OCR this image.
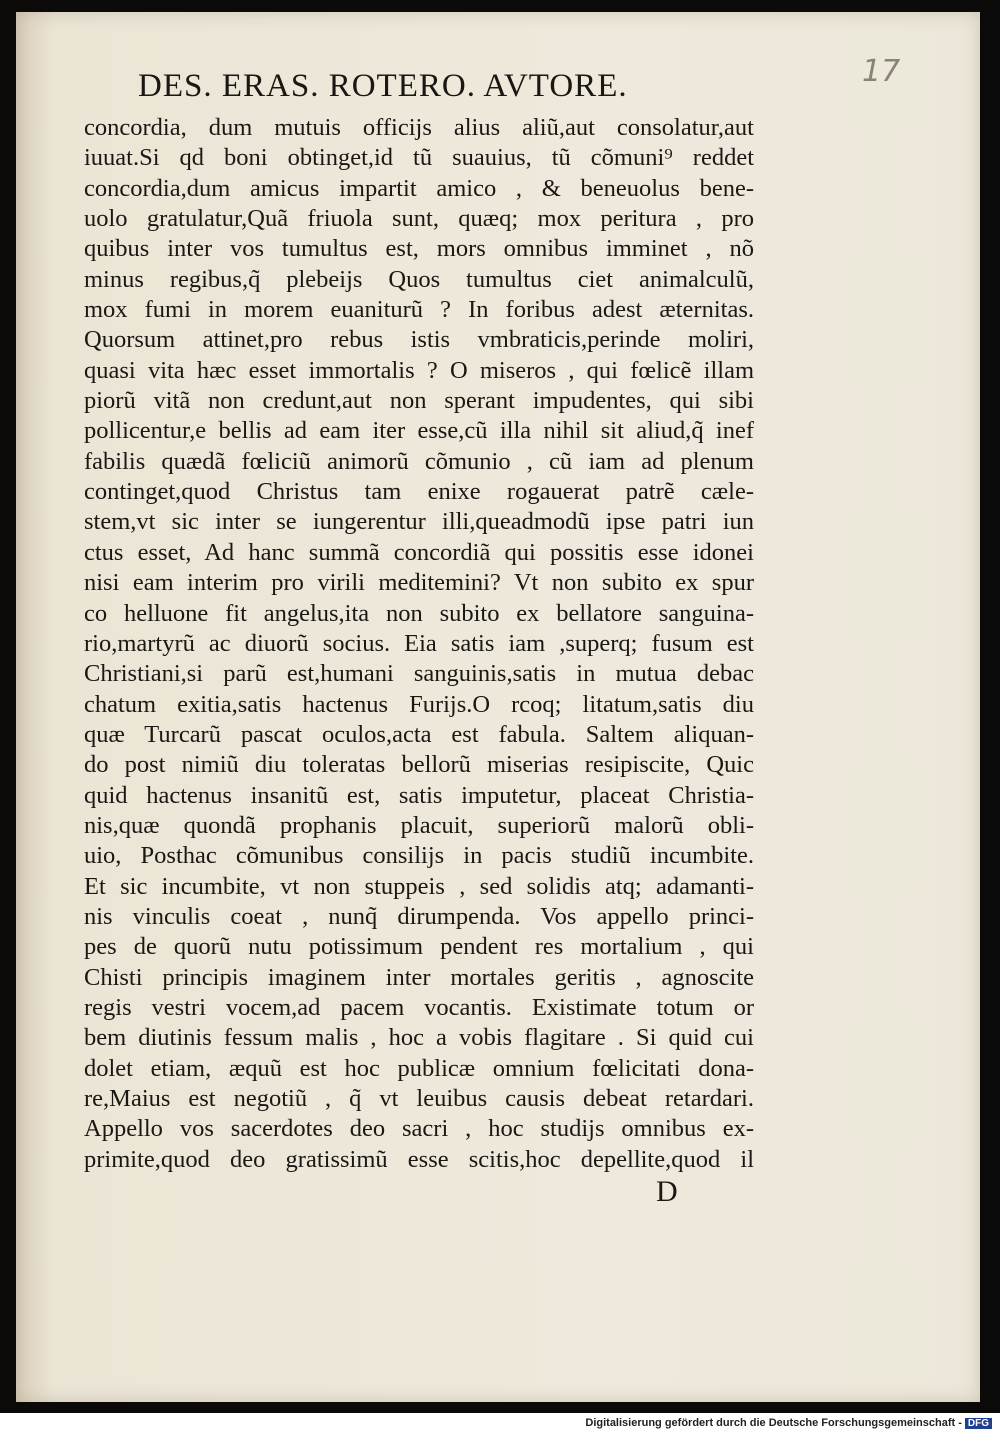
DES. ERAS. ROTERO. AVTORE.	17
concordia, dum mutuis officijs alius aliũ,aut consolatur,aut
iuuat.Si qd boni obtinget,id tũ suauius, tũ cõmuni⁹ reddet
concordia,dum amicus impartit amico , & beneuolus bene-
uolo gratulatur,Quã friuola sunt, quæq; mox peritura , pro
quibus inter vos tumultus est, mors omnibus imminet , nõ
minus regibus,q̃ plebeijs Quos tumultus ciet animalculũ,
mox fumi in morem euaniturũ ? In foribus adest æternitas.
Quorsum attinet,pro rebus istis vmbraticis,perinde moliri,
quasi vita hæc esset immortalis ? O miseros , qui fœlicẽ illam
piorũ vitã non credunt,aut non sperant impudentes, qui sibi
pollicentur,e bellis ad eam iter esse,cũ illa nihil sit aliud,q̃ inef
fabilis quædã fœliciũ animorũ cõmunio , cũ iam ad plenum
continget,quod Christus tam enixe rogauerat patrẽ cæle-
stem,vt sic inter se iungerentur illi,queadmodũ ipse patri iun
ctus esset, Ad hanc summã concordiã qui possitis esse idonei
nisi eam interim pro virili meditemini? Vt non subito ex spur
co helluone fit angelus,ita non subito ex bellatore sanguina-
rio,martyrũ ac diuorũ socius. Eia satis iam ,superq; fusum est
Christiani,si parũ est,humani sanguinis,satis in mutua debac
chatum exitia,satis hactenus Furijs.O rcoq; litatum,satis diu
quæ Turcarũ pascat oculos,acta est fabula. Saltem aliquan-
do post nimiũ diu toleratas bellorũ miserias resipiscite, Quic
quid hactenus insanitũ est, satis imputetur, placeat Christia-
nis,quæ quondã prophanis placuit, superiorũ malorũ obli-
uio, Posthac cõmunibus consilijs in pacis studiũ incumbite.
Et sic incumbite, vt non stuppeis , sed solidis atq; adamanti-
nis vinculis coeat , nunq̃ dirumpenda. Vos appello princi-
pes de quorũ nutu potissimum pendent res mortalium , qui
Chisti principis imaginem inter mortales geritis , agnoscite
regis vestri vocem,ad pacem vocantis. Existimate totum or
bem diutinis fessum malis , hoc a vobis flagitare . Si quid cui
dolet etiam, æquũ est hoc publicæ omnium fœlicitati dona-
re,Maius est negotiũ , q̃ vt leuibus causis debeat retardari.
Appello vos sacerdotes deo sacri , hoc studijs omnibus ex-
primite,quod deo gratissimũ esse scitis,hoc depellite,quod il
D
Digitalisierung gefördert durch die Deutsche Forschungsgemeinschaft - DFG
